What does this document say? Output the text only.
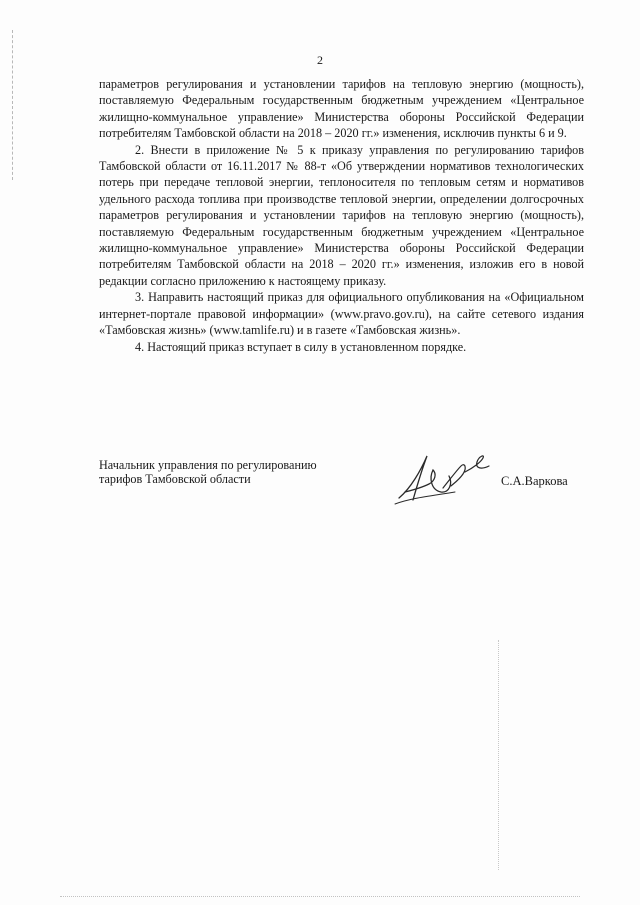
2

параметров регулирования и установлении тарифов на тепловую энергию (мощность), поставляемую Федеральным государственным бюджетным учреждением «Центральное жилищно-коммунальное управление» Министерства обороны Российской Федерации потребителям Тамбовской области на 2018 – 2020 гг.» изменения, исключив пункты 6 и 9.

2. Внести в приложение № 5 к приказу управления по регулированию тарифов Тамбовской области от 16.11.2017 № 88-т «Об утверждении нормативов технологических потерь при передаче тепловой энергии, теплоносителя по тепловым сетям и нормативов удельного расхода топлива при производстве тепловой энергии, определении долгосрочных параметров регулирования и установлении тарифов на тепловую энергию (мощность), поставляемую Федеральным государственным бюджетным учреждением «Центральное жилищно-коммунальное управление» Министерства обороны Российской Федерации потребителям Тамбовской области на 2018 – 2020 гг.» изменения, изложив его в новой редакции согласно приложению к настоящему приказу.

3. Направить настоящий приказ для официального опубликования на «Официальном интернет-портале правовой информации» (www.pravo.gov.ru), на сайте сетевого издания «Тамбовская жизнь» (www.tamlife.ru) и в газете «Тамбовская жизнь».

4. Настоящий приказ вступает в силу в установленном порядке.

Начальник управления по регулированию
тарифов Тамбовской области	С.А.Варкова
